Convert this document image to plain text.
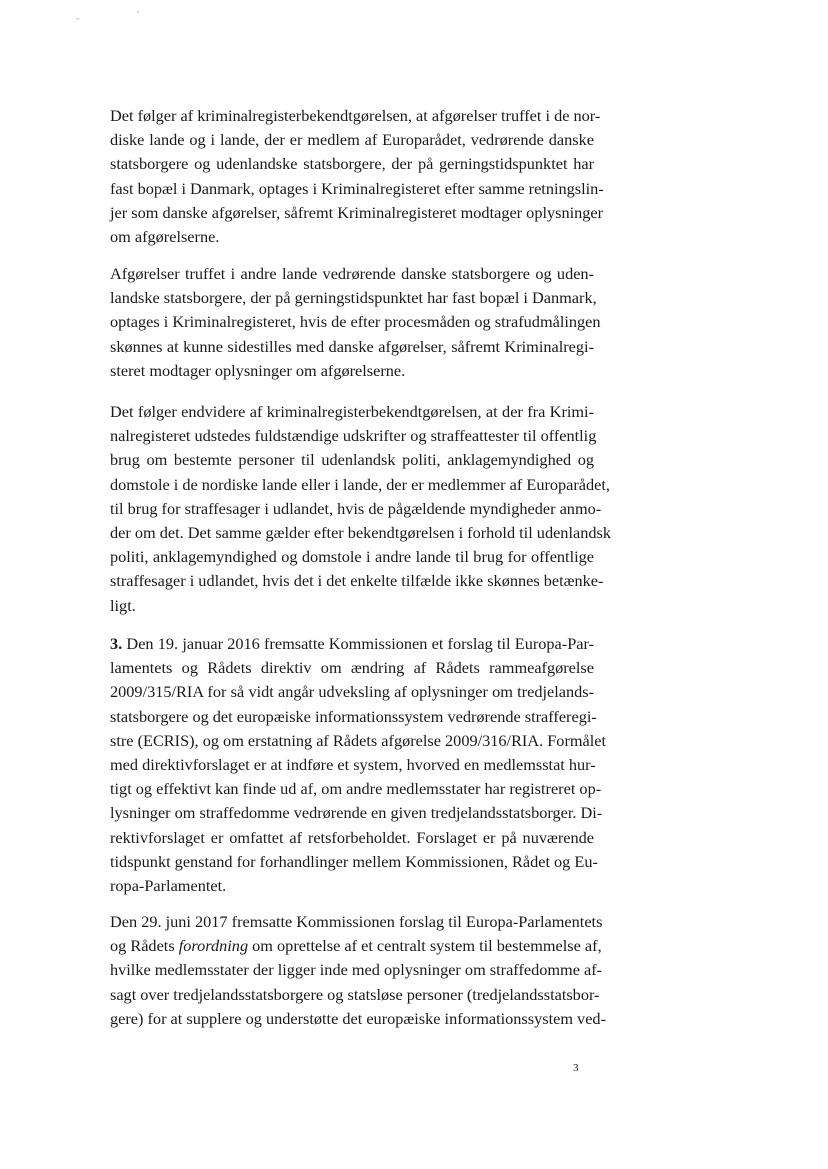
„	ᵏ

Det følger af kriminalregisterbekendtgørelsen, at afgørelser truffet i de nor-
diske lande og i lande, der er medlem af Europarådet, vedrørende danske
statsborgere og udenlandske statsborgere, der på gerningstidspunktet har
fast bopæl i Danmark, optages i Kriminalregisteret efter samme retningslin-
jer som danske afgørelser, såfremt Kriminalregisteret modtager oplysninger
om afgørelserne.

Afgørelser truffet i andre lande vedrørende danske statsborgere og uden-
landske statsborgere, der på gerningstidspunktet har fast bopæl i Danmark,
optages i Kriminalregisteret, hvis de efter procesmåden og strafudmålingen
skønnes at kunne sidestilles med danske afgørelser, såfremt Kriminalregi-
steret modtager oplysninger om afgørelserne.

Det følger endvidere af kriminalregisterbekendtgørelsen, at der fra Krimi-
nalregisteret udstedes fuldstændige udskrifter og straffeattester til offentlig
brug om bestemte personer til udenlandsk politi, anklagemyndighed og
domstole i de nordiske lande eller i lande, der er medlemmer af Europarådet,
til brug for straffesager i udlandet, hvis de pågældende myndigheder anmo-
der om det. Det samme gælder efter bekendtgørelsen i forhold til udenlandsk
politi, anklagemyndighed og domstole i andre lande til brug for offentlige
straffesager i udlandet, hvis det i det enkelte tilfælde ikke skønnes betænke-
ligt.

3. Den 19. januar 2016 fremsatte Kommissionen et forslag til Europa-Par-
lamentets og Rådets direktiv om ændring af Rådets rammeafgørelse
2009/315/RIA for så vidt angår udveksling af oplysninger om tredjelands-
statsborgere og det europæiske informationssystem vedrørende strafferegi-
stre (ECRIS), og om erstatning af Rådets afgørelse 2009/316/RIA. Formålet
med direktivforslaget er at indføre et system, hvorved en medlemsstat hur-
tigt og effektivt kan finde ud af, om andre medlemsstater har registreret op-
lysninger om straffedomme vedrørende en given tredjelandsstatsborger. Di-
rektivforslaget er omfattet af retsforbeholdet. Forslaget er på nuværende
tidspunkt genstand for forhandlinger mellem Kommissionen, Rådet og Eu-
ropa-Parlamentet.

Den 29. juni 2017 fremsatte Kommissionen forslag til Europa-Parlamentets
og Rådets forordning om oprettelse af et centralt system til bestemmelse af,
hvilke medlemsstater der ligger inde med oplysninger om straffedomme af-
sagt over tredjelandsstatsborgere og statsløse personer (tredjelandsstatsbor-
gere) for at supplere og understøtte det europæiske informationssystem ved-

3
